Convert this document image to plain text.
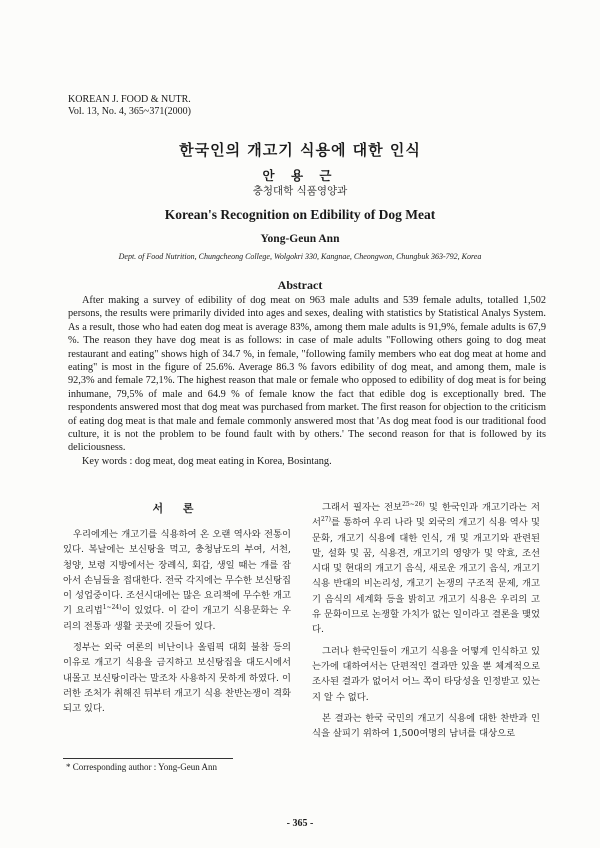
KOREAN J. FOOD & NUTR.
Vol. 13, No. 4, 365~371(2000)
한국인의 개고기 식용에 대한 인식
안 용 근
충청대학 식품영양과
Korean's Recognition on Edibility of Dog Meat
Yong-Geun Ann
Dept. of Food Nutrition, Chungcheong College, Wolgokri 330, Kangnae, Cheongwon, Chungbuk 363-792, Korea
Abstract

After making a survey of edibility of dog meat on 963 male adults and 539 female adults, totalled 1,502 persons, the results were primarily divided into ages and sexes, dealing with statistics by Statistical Analys System. As a result, those who had eaten dog meat is average 83%, among them male adults is 91,9%, female adults is 67,9 %. The reason they have dog meat is as follows: in case of male adults "Following others going to dog meat restaurant and eating" shows high of 34.7 %, in female, "following family members who eat dog meat at home and eating" is most in the figure of 25.6%. Average 86.3 % favors edibility of dog meat, and among them, male is 92,3% and female 72,1%. The highest reason that male or female who opposed to edibility of dog meat is for being inhumane, 79,5% of male and 64.9 % of female know the fact that edible dog is exceptionally bred. The respondents answered most that dog meat was purchased from market. The first reason for objection to the criticism of eating dog meat is that male and female commonly answered most that 'As dog meat food is our traditional food culture, it is not the problem to be found fault with by others.' The second reason for that is followed by its deliciousness.

Key words : dog meat, dog meat eating in Korea, Bosintang.

서 론

우리에게는 개고기를 식용하여 온 오랜 역사와 전통이 있다. 복날에는 보신탕을 먹고, 충청남도의 부여, 서천, 청양, 보령 지방에서는 장례식, 회갑, 생일 때는 개를 잡아서 손님들을 접대한다. 전국 각지에는 무수한 보신탕집이 성업중이다. 조선시대에는 많은 요리책에 무수한 개고기 요리법$^{1\sim 24)}$이 있었다. 이 같이 개고기 식용문화는 우리의 전통과 생활 곳곳에 깃들어 있다.

정부는 외국 여론의 비난이나 올림픽 대회 불참 등의 이유로 개고기 식용을 금지하고 보신탕집을 대도시에서 내몰고 보신탕이라는 말조차 사용하지 못하게 하였다. 이러한 조처가 취해진 뒤부터 개고기 식용 찬반논쟁이 격화되고 있다.

그래서 필자는 전보$^{25\sim 26)}$ 및 한국인과 개고기라는 저서$^{27)}$를 통하여 우리 나라 및 외국의 개고기 식용 역사 및 문화, 개고기 식용에 대한 인식, 개 및 개고기와 관련된 말, 설화 및 꿈, 식용견, 개고기의 영양가 및 약효, 조선 시대 및 현대의 개고기 음식, 새로운 개고기 음식, 개고기 식용 반대의 비논리성, 개고기 논쟁의 구조적 문제, 개고기 음식의 세계화 등을 밝히고 개고기 식용은 우리의 고유 문화이므로 논쟁할 가치가 없는 일이라고 결론을 맺었다.

그러나 한국인들이 개고기 식용을 어떻게 인식하고 있는가에 대하여서는 단편적인 결과만 있을 뿐 체계적으로 조사된 결과가 없어서 어느 쪽이 타당성을 인정받고 있는지 알 수 없다.

본 결과는 한국 국민의 개고기 식용에 대한 찬반과 인식을 살피기 위하여 1,500여명의 남녀를 대상으로

* Corresponding author : Yong-Geun Ann
- 365 -
